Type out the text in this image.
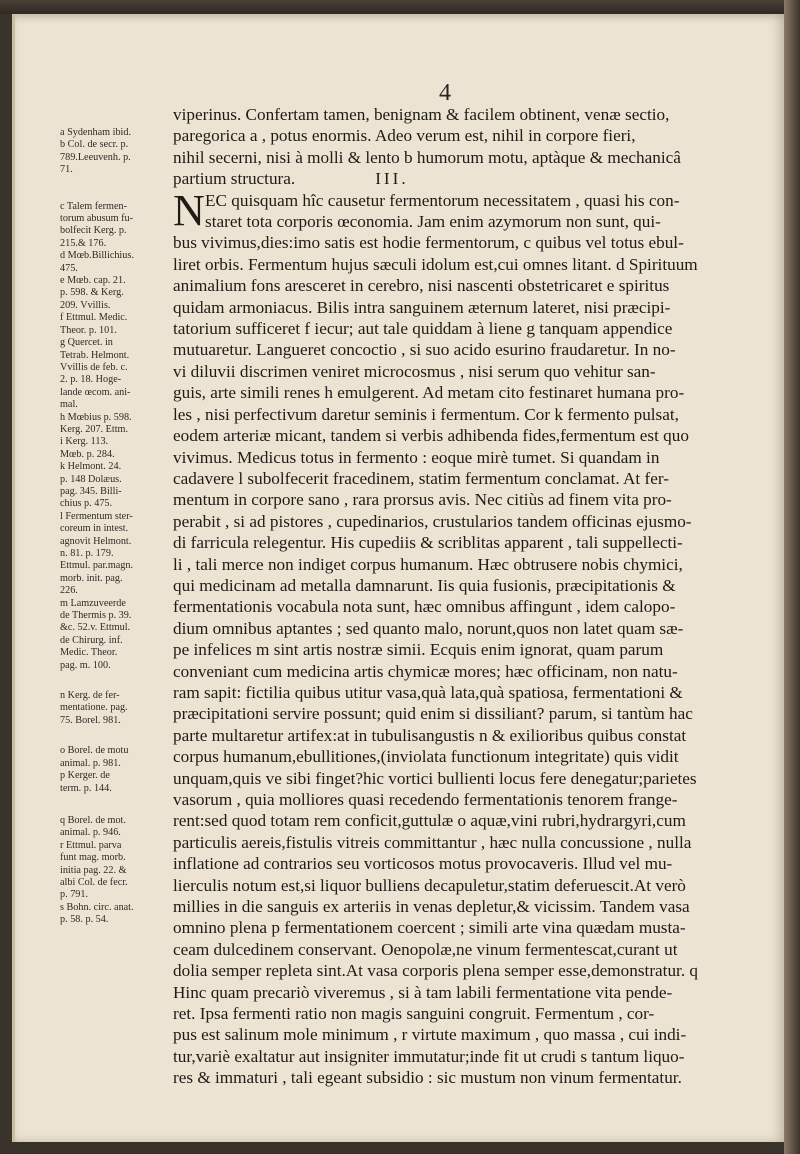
4
a Sydenham ibid.
b Col. de secr. p.
789.Leeuvenh. p.
71.
c Talem fermen-
torum abusum fu-
bolfecit Kerg. p.
215.& 176.
d Mœb.Billichius.
475.
e Mœb. cap. 21.
p. 598. & Kerg.
209. Vvillis.
f Ettmul. Medic.
Theor. p. 101.
g Quercet. in
Tetrab. Helmont.
Vvillis de feb. c.
2. p. 18. Hoge-
lande œcom. ani-
mal.
h Mœbius p. 598.
Kerg. 207. Ettm.
i Kerg. 113.
Mœb. p. 284.
k Helmont. 24.
p. 148 Dolæus.
pag. 345. Billi-
chius p. 475.
l Fermentum ster-
coreum in intest.
agnovit Helmont.
n. 81. p. 179.
Ettmul. par.magn.
morb. init. pag.
226.
m Lamzuveerde
de Thermis p. 39.
&c. 52.v. Ettmul.
de Chirurg. inf.
Medic. Theor.
pag. m. 100.
n Kerg. de fer-
mentatione. pag.
75. Borel. 981.
o Borel. de motu
animal. p. 981.
p Kerger. de
term. p. 144.
q Borel. de mot.
animal. p. 946.
r Ettmul. parva
funt mag. morb.
initia pag. 22. &
albi Col. de fecr.
p. 791.
s Bohn. circ. anat.
p. 58. p. 54.
viperinus. Confertam tamen, benignam & facilem obtinent, venæ sectio,
paregorica a , potus enormis. Adeo verum est, nihil in corpore fieri,
nihil secerni, nisi à molli & lento b humorum motu, aptàque & mechanicâ
partium structura.	III.
N EC quisquam hîc causetur fermentorum necessitatem , quasi his con-
staret tota corporis œconomia. Jam enim azymorum non sunt, qui-
bus vivimus,dies:imo satis est hodie fermentorum, c quibus vel totus ebul-
liret orbis. Fermentum hujus sæculi idolum est,cui omnes litant. d Spirituum
animalium fons aresceret in cerebro, nisi nascenti obstetricaret e spiritus
quidam armoniacus. Bilis intra sanguinem æternum lateret, nisi præcipi-
tatorium sufficeret f iecur; aut tale quiddam à liene g tanquam appendice
mutuaretur. Langueret concoctio , si suo acido esurino fraudaretur. In no-
vi diluvii discrimen veniret microcosmus , nisi serum quo vehitur san-
guis, arte simili renes h emulgerent. Ad metam cito festinaret humana pro-
les , nisi perfectivum daretur seminis i fermentum. Cor k fermento pulsat,
eodem arteriæ micant, tandem si verbis adhibenda fides,fermentum est quo
vivimus. Medicus totus in fermento : eoque mirè tumet. Si quandam in
cadavere l subolfecerit fracedinem, statim fermentum conclamat. At fer-
mentum in corpore sano , rara prorsus avis. Nec citiùs ad finem vita pro-
perabit , si ad pistores , cupedinarios, crustularios tandem officinas ejusmo-
di farricula relegentur. His cupediis & scriblitas apparent , tali suppellecti-
li , tali merce non indiget corpus humanum. Hæc obtrusere nobis chymici,
qui medicinam ad metalla damnarunt. Iis quia fusionis, præcipitationis &
fermentationis vocabula nota sunt, hæc omnibus affingunt , idem calopo-
dium omnibus aptantes ; sed quanto malo, norunt,quos non latet quam sæ-
pe infelices m sint artis nostræ simii. Ecquis enim ignorat, quam parum
conveniant cum medicina artis chymicæ mores; hæc officinam, non natu-
ram sapit: fictilia quibus utitur vasa,quà lata,quà spatiosa, fermentationi &
præcipitationi servire possunt; quid enim si dissiliant? parum, si tantùm hac
parte multaretur artifex:at in tubulisangustis n & exilioribus quibus constat
corpus humanum,ebullitiones,(inviolata functionum integritate) quis vidit
unquam,quis ve sibi finget?hic vortici bullienti locus fere denegatur;parietes
vasorum , quia molliores quasi recedendo fermentationis tenorem frange-
rent:sed quod totam rem conficit,guttulæ o aquæ,vini rubri,hydrargyri,cum
particulis aereis,fistulis vitreis committantur , hæc nulla concussione , nulla
inflatione ad contrarios seu vorticosos motus provocaveris. Illud vel mu-
lierculis notum est,si liquor bulliens decapuletur,statim deferuescit.At verò
millies in die sanguis ex arteriis in venas depletur,& vicissim. Tandem vasa
omnino plena p fermentationem coercent ; simili arte vina quædam musta-
ceam dulcedinem conservant. Oenopolæ,ne vinum fermentescat,curant ut
dolia semper repleta sint.At vasa corporis plena semper esse,demonstratur. q
Hinc quam precariò viveremus , si à tam labili fermentatione vita pende-
ret. Ipsa fermenti ratio non magis sanguini congruit. Fermentum , cor-
pus est salinum mole minimum , r virtute maximum , quo massa , cui indi-
tur,variè exaltatur aut insigniter immutatur;inde fit ut crudi s tantum liquo-
res & immaturi , tali egeant subsidio : sic mustum non vinum fermentatur.
